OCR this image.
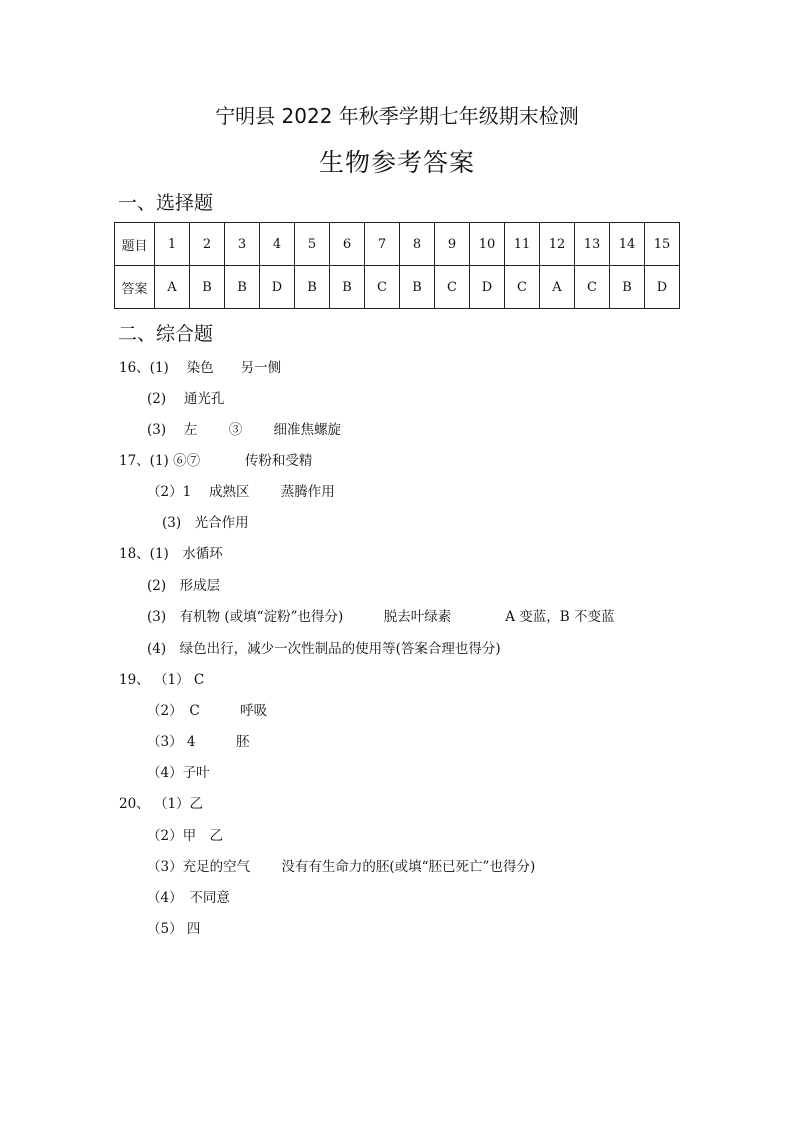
宁明县 2022 年秋季学期七年级期末检测
生物参考答案
一、选择题
题目	1	2	3	4	5	6	7	8	9	10	11	12	13	14	15
答案	A	B	B	D	B	B	C	B	C	D	C	A	C	B	D
二、综合题
16、(1)　 染色　　另一侧
(2)　 通光孔
(3)　 左　　 ③　　 细准焦螺旋
17、(1) ⑥⑦　　　 传粉和受精
（2）1　 成熟区　　 蒸腾作用
(3)　光合作用
18、(1)　水循环
(2)　形成层
(3)　有机物 (或填“淀粉”也得分)　　　脱去叶绿素　　　　A 变蓝，B 不变蓝
(4)　绿色出行，减少一次性制品的使用等(答案合理也得分)
19、 （1） C
（2）　C　　　呼吸
（3） 4　　　胚
（4）子叶
20、 （1）乙
（2）甲　乙
（3）充足的空气　　 没有有生命力的胚(或填“胚已死亡”也得分)
（4）　不同意
（5） 四
